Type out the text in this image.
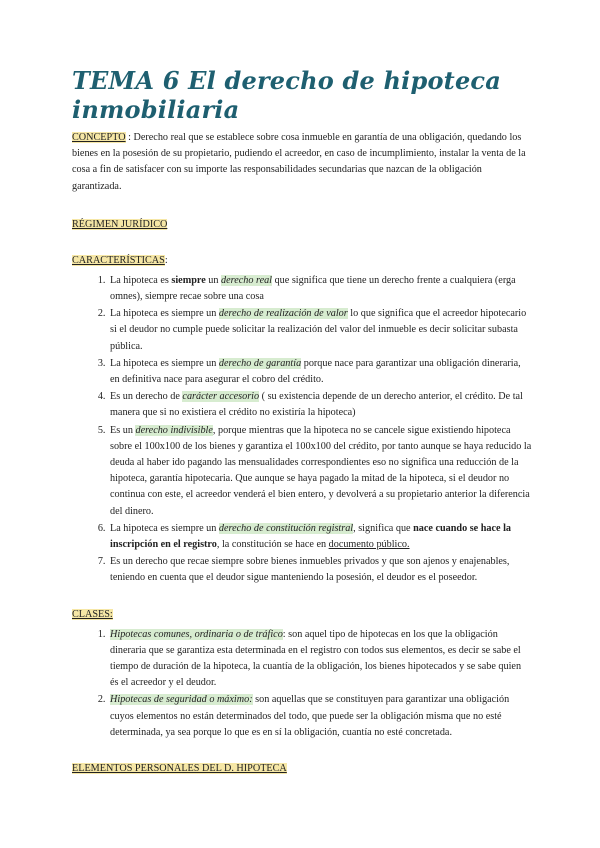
TEMA 6 El derecho de hipoteca inmobiliaria

CONCEPTO : Derecho real que se establece sobre cosa inmueble en garantía de una obligación, quedando los bienes en la posesión de su propietario, pudiendo el acreedor, en caso de incumplimiento, instalar la venta de la cosa a fin de satisfacer con su importe las responsabilidades secundarias que nazcan de la obligación garantizada.

RÉGIMEN JURÍDICO
CARACTERÍSTICAS:
1. La hipoteca es siempre un derecho real que significa que tiene un derecho frente a cualquiera (erga omnes), siempre recae sobre una cosa
2. La hipoteca es siempre un derecho de realización de valor lo que significa que el acreedor hipotecario si el deudor no cumple puede solicitar la realización del valor del inmueble es decir solicitar subasta pública.
3. La hipoteca es siempre un derecho de garantía porque nace para garantizar una obligación dineraria, en definitiva nace para asegurar el cobro del crédito.
4. Es un derecho de carácter accesorio ( su existencia depende de un derecho anterior, el crédito. De tal manera que si no existiera el crédito no existiría la hipoteca)
5. Es un derecho indivisible, porque mientras que la hipoteca no se cancele sigue existiendo hipoteca sobre el 100x100 de los bienes y garantiza el 100x100 del crédito, por tanto aunque se haya reducido la deuda al haber ido pagando las mensualidades correspondientes eso no significa una reducción de la hipoteca, garantía hipotecaria. Que aunque se haya pagado la mitad de la hipoteca, si el deudor no continua con este, el acreedor venderá el bien entero, y devolverá a su propietario anterior la diferencia del dinero.
6. La hipoteca es siempre un derecho de constitución registral, significa que nace cuando se hace la inscripción en el registro, la constitución se hace en documento público.
7. Es un derecho que recae siempre sobre bienes inmuebles privados y que son ajenos y enajenables, teniendo en cuenta que el deudor sigue manteniendo la posesión, el deudor es el poseedor.
CLASES:
1. Hipotecas comunes, ordinaria o de tráfico: son aquel tipo de hipotecas en los que la obligación dineraria que se garantiza esta determinada en el registro con todos sus elementos, es decir se sabe el tiempo de duración de la hipoteca, la cuantía de la obligación, los bienes hipotecados y se sabe quien és el acreedor y el deudor.
2. Hipotecas de seguridad o máximo: son aquellas que se constituyen para garantizar una obligación cuyos elementos no están determinados del todo, que puede ser la obligación misma que no esté determinada, ya sea porque lo que es en sí la obligación, cuantía no esté concretada.
ELEMENTOS PERSONALES DEL D. HIPOTECA
